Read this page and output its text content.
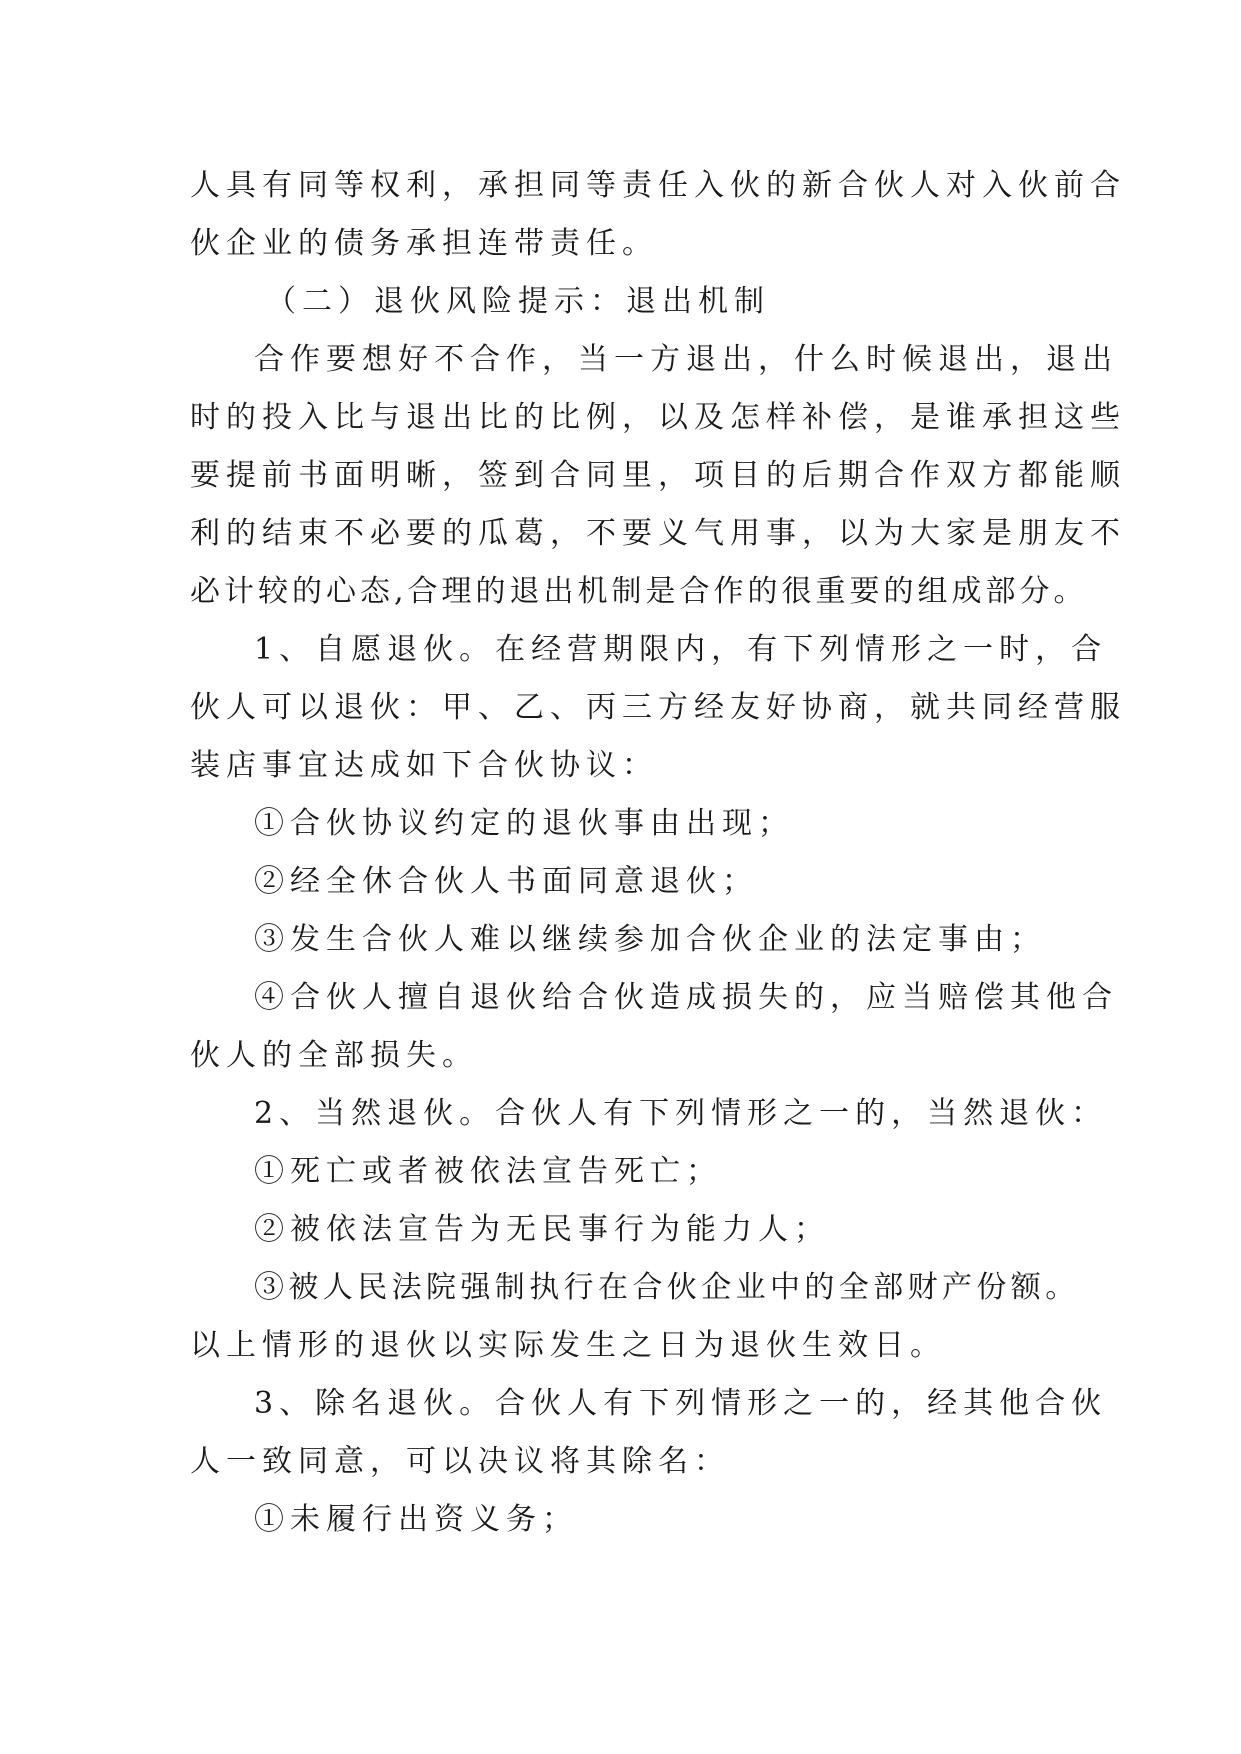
人具有同等权利，承担同等责任入伙的新合伙人对入伙前合
伙企业的债务承担连带责任。
（二）退伙风险提示：退出机制
合作要想好不合作，当一方退出，什么时候退出，退出
时的投入比与退出比的比例，以及怎样补偿，是谁承担这些
要提前书面明晰，签到合同里，项目的后期合作双方都能顺
利的结束不必要的瓜葛，不要义气用事，以为大家是朋友不
必计较的心态,合理的退出机制是合作的很重要的组成部分。
1、自愿退伙。在经营期限内，有下列情形之一时，合
伙人可以退伙：甲、乙、丙三方经友好协商，就共同经营服
装店事宜达成如下合伙协议：
①合伙协议约定的退伙事由出现；
②经全休合伙人书面同意退伙；
③发生合伙人难以继续参加合伙企业的法定事由；
④合伙人擅自退伙给合伙造成损失的，应当赔偿其他合
伙人的全部损失。
2、当然退伙。合伙人有下列情形之一的，当然退伙：
①死亡或者被依法宣告死亡；
②被依法宣告为无民事行为能力人；
③被人民法院强制执行在合伙企业中的全部财产份额。
以上情形的退伙以实际发生之日为退伙生效日。
3、除名退伙。合伙人有下列情形之一的，经其他合伙
人一致同意，可以决议将其除名：
①未履行出资义务；
